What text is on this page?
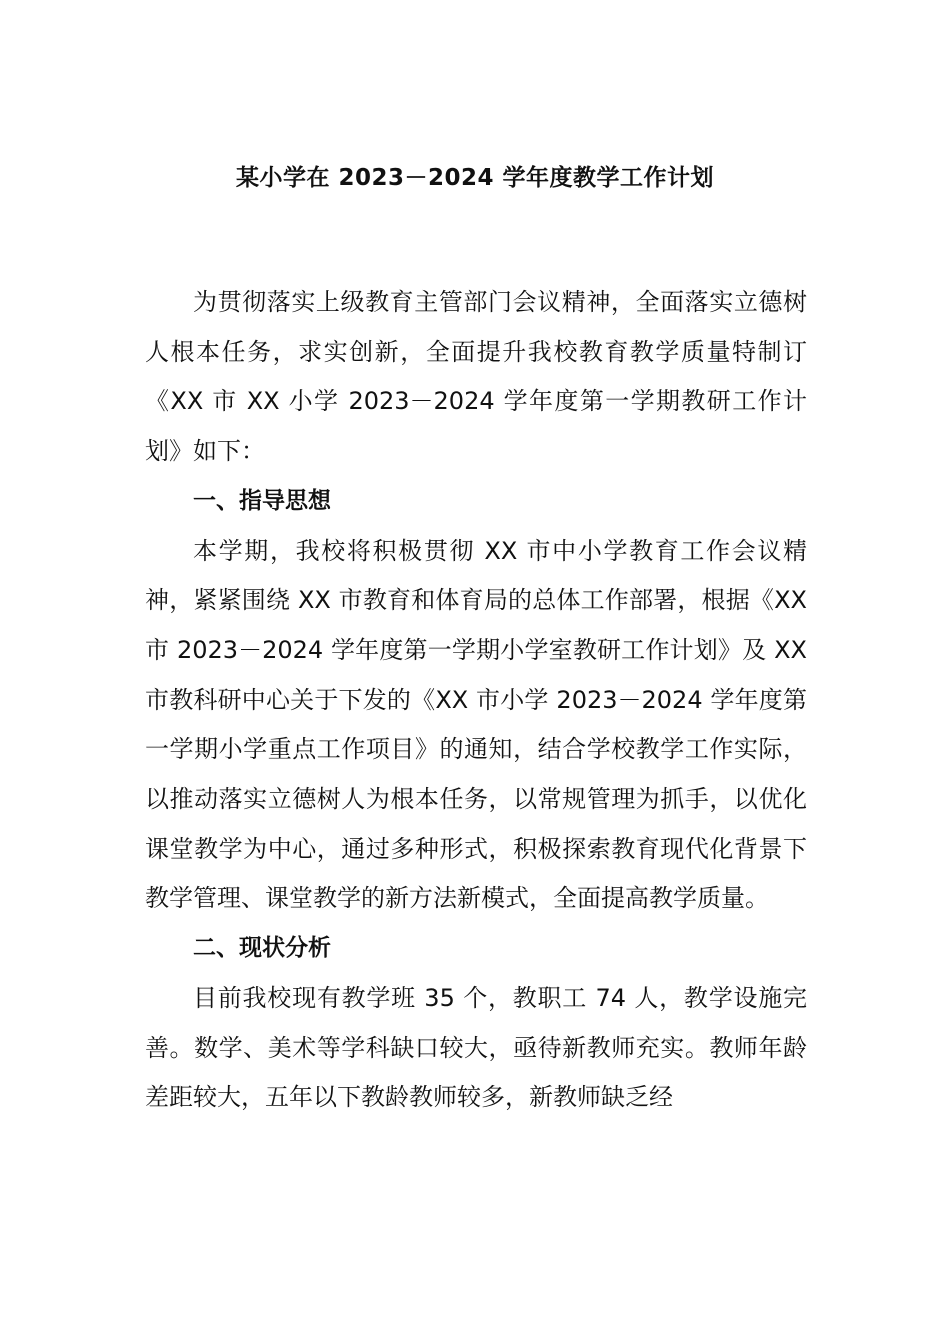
某小学在 2023－2024 学年度教学工作计划

为贯彻落实上级教育主管部门会议精神，全面落实立德树人根本任务，求实创新，全面提升我校教育教学质量特制订《XX 市 XX 小学 2023－2024 学年度第一学期教研工作计划》如下：

一、指导思想

本学期，我校将积极贯彻 XX 市中小学教育工作会议精神，紧紧围绕 XX 市教育和体育局的总体工作部署，根据《XX 市 2023－2024 学年度第一学期小学室教研工作计划》及 XX 市教科研中心关于下发的《XX 市小学 2023－2024 学年度第一学期小学重点工作项目》的通知，结合学校教学工作实际，以推动落实立德树人为根本任务，以常规管理为抓手，以优化课堂教学为中心，通过多种形式，积极探索教育现代化背景下教学管理、课堂教学的新方法新模式，全面提高教学质量。

二、现状分析

目前我校现有教学班 35 个，教职工 74 人，教学设施完善。数学、美术等学科缺口较大，亟待新教师充实。教师年龄差距较大，五年以下教龄教师较多，新教师缺乏经
